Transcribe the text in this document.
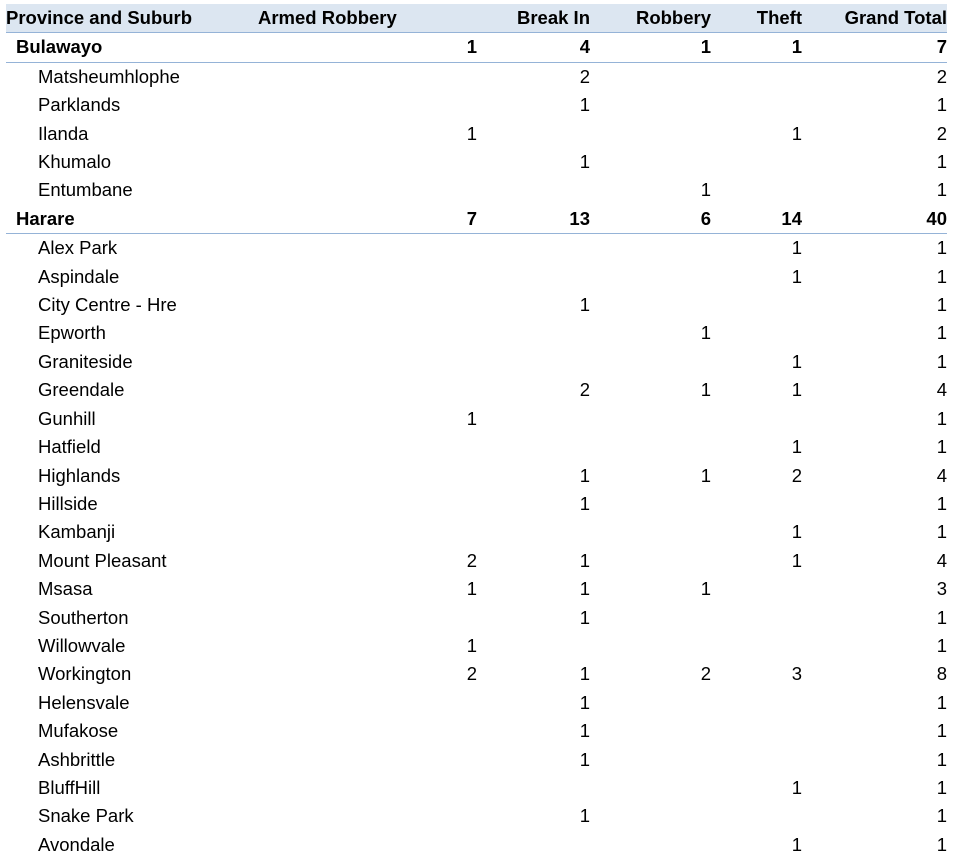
Province and Suburb	Armed Robbery	Break In	Robbery	Theft	Grand Total
Bulawayo	1	4	1	1	7
Matsheumhlophe		2			2
Parklands		1			1
Ilanda	1			1	2
Khumalo		1			1
Entumbane			1		1
Harare	7	13	6	14	40
Alex Park				1	1
Aspindale				1	1
City Centre - Hre		1			1
Epworth			1		1
Graniteside				1	1
Greendale		2	1	1	4
Gunhill	1				1
Hatfield				1	1
Highlands		1	1	2	4
Hillside		1			1
Kambanji				1	1
Mount Pleasant	2	1		1	4
Msasa	1	1	1		3
Southerton		1			1
Willowvale	1				1
Workington	2	1	2	3	8
Helensvale		1			1
Mufakose		1			1
Ashbrittle		1			1
BluffHill				1	1
Snake Park		1			1
Avondale				1	1
